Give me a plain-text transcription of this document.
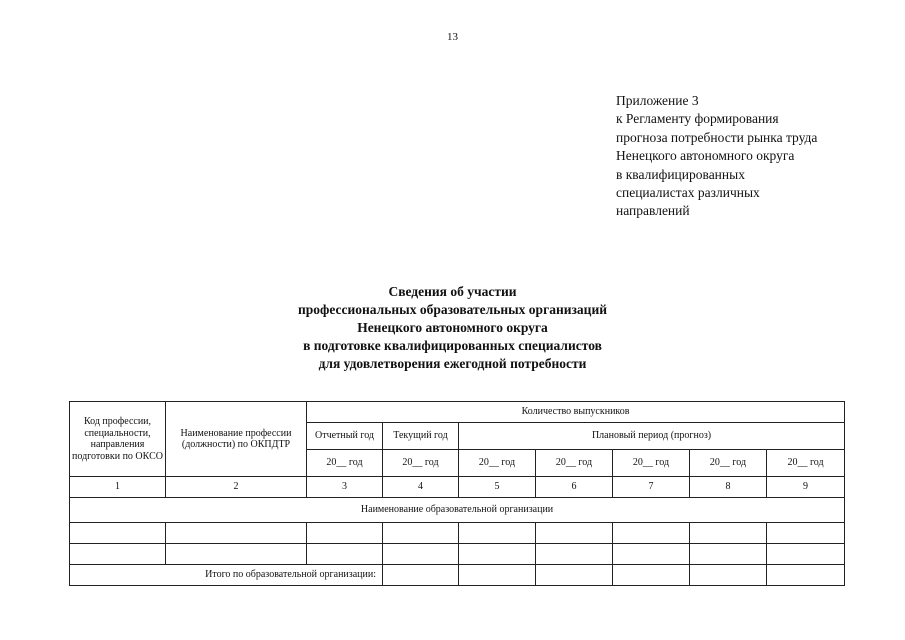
13
Приложение 3
к Регламенту формирования
прогноза потребности рынка труда
Ненецкого автономного округа
в квалифицированных
специалистах различных
направлений
Сведения об участии
профессиональных образовательных организаций
Ненецкого автономного округа
в подготовке квалифицированных специалистов
для удовлетворения ежегодной потребности
Код профессии, специальности, направления подготовки по ОКСО	Наименование профессии (должности) по ОКПДТР	Количество выпускников						
		Отчетный год	Текущий год	Плановый период (прогноз)				
		20__ год	20__ год	20__ год	20__ год	20__ год	20__ год	20__ год
1	2	3	4	5	6	7	8	9
Наименование образовательной организации								

Итого по образовательной организации:								
